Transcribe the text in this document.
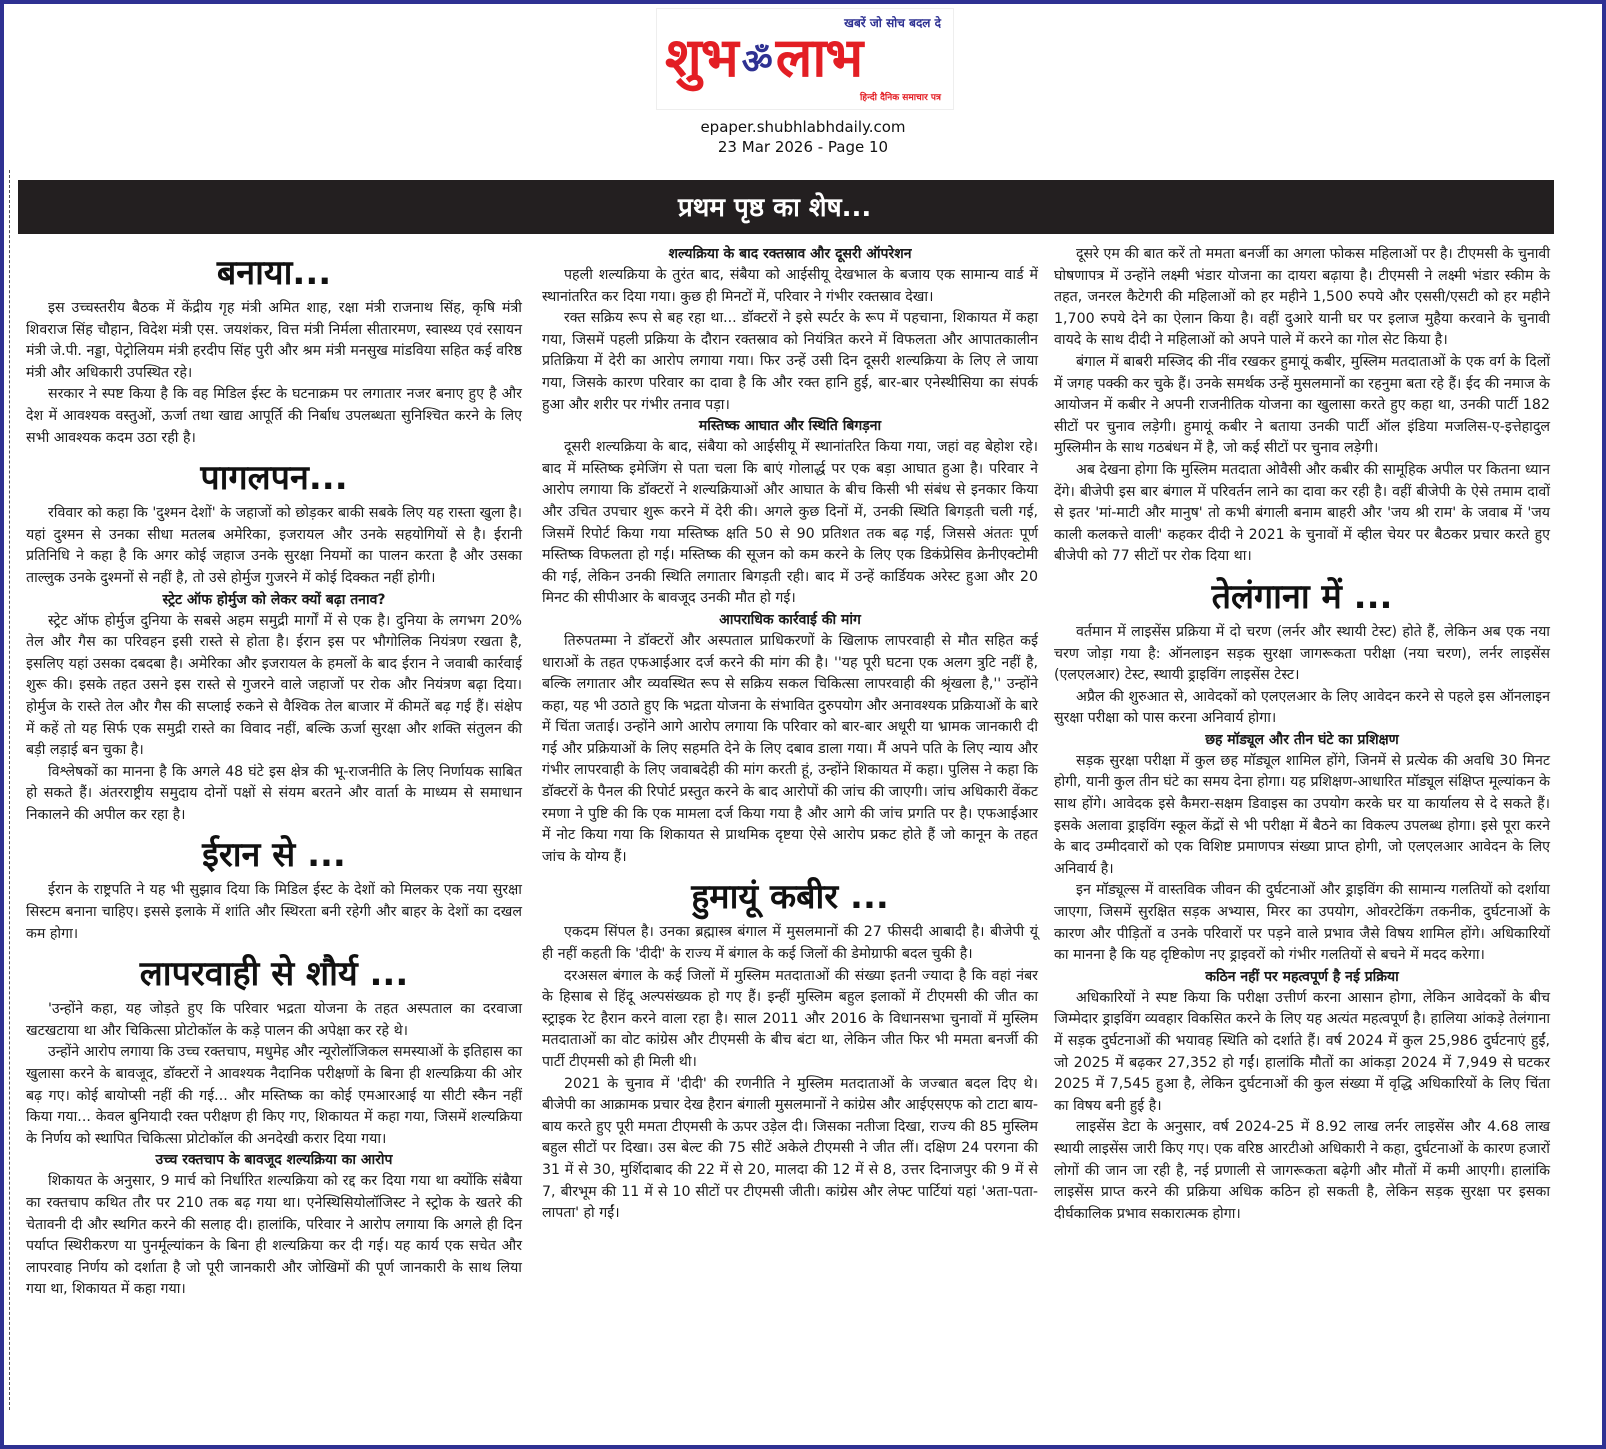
खबरें जो सोच बदल दे
शुभ ॐलाभ
हिन्दी दैनिक समाचार पत्र
epaper.shubhlabhdaily.com
23 Mar 2026 - Page 10
प्रथम पृष्ठ का शेष...
बनाया...

इस उच्चस्तरीय बैठक में केंद्रीय गृह मंत्री अमित शाह, रक्षा मंत्री राजनाथ सिंह, कृषि मंत्री शिवराज सिंह चौहान, विदेश मंत्री एस. जयशंकर, वित्त मंत्री निर्मला सीतारमण, स्वास्थ्य एवं रसायन मंत्री जे.पी. नड्डा, पेट्रोलियम मंत्री हरदीप सिंह पुरी और श्रम मंत्री मनसुख मांडविया सहित कई वरिष्ठ मंत्री और अधिकारी उपस्थित रहे।

सरकार ने स्पष्ट किया है कि वह मिडिल ईस्ट के घटनाक्रम पर लगातार नजर बनाए हुए है और देश में आवश्यक वस्तुओं, ऊर्जा तथा खाद्य आपूर्ति की निर्बाध उपलब्धता सुनिश्चित करने के लिए सभी आवश्यक कदम उठा रही है।

पागलपन...

रविवार को कहा कि 'दुश्मन देशों' के जहाजों को छोड़कर बाकी सबके लिए यह रास्ता खुला है। यहां दुश्मन से उनका सीधा मतलब अमेरिका, इजरायल और उनके सहयोगियों से है। ईरानी प्रतिनिधि ने कहा है कि अगर कोई जहाज उनके सुरक्षा नियमों का पालन करता है और उसका ताल्लुक उनके दुश्मनों से नहीं है, तो उसे होर्मुज गुजरने में कोई दिक्कत नहीं होगी।

स्ट्रेट ऑफ होर्मुज को लेकर क्यों बढ़ा तनाव?

स्ट्रेट ऑफ होर्मुज दुनिया के सबसे अहम समुद्री मार्गों में से एक है। दुनिया के लगभग 20% तेल और गैस का परिवहन इसी रास्ते से होता है। ईरान इस पर भौगोलिक नियंत्रण रखता है, इसलिए यहां उसका दबदबा है। अमेरिका और इजरायल के हमलों के बाद ईरान ने जवाबी कार्रवाई शुरू की। इसके तहत उसने इस रास्ते से गुजरने वाले जहाजों पर रोक और नियंत्रण बढ़ा दिया। होर्मुज के रास्ते तेल और गैस की सप्लाई रुकने से वैश्विक तेल बाजार में कीमतें बढ़ गई हैं। संक्षेप में कहें तो यह सिर्फ एक समुद्री रास्ते का विवाद नहीं, बल्कि ऊर्जा सुरक्षा और शक्ति संतुलन की बड़ी लड़ाई बन चुका है।

विश्लेषकों का मानना है कि अगले 48 घंटे इस क्षेत्र की भू-राजनीति के लिए निर्णायक साबित हो सकते हैं। अंतरराष्ट्रीय समुदाय दोनों पक्षों से संयम बरतने और वार्ता के माध्यम से समाधान निकालने की अपील कर रहा है।

ईरान से ...

ईरान के राष्ट्रपति ने यह भी सुझाव दिया कि मिडिल ईस्ट के देशों को मिलकर एक नया सुरक्षा सिस्टम बनाना चाहिए। इससे इलाके में शांति और स्थिरता बनी रहेगी और बाहर के देशों का दखल कम होगा।

लापरवाही से शौर्य ...

'उन्होंने कहा, यह जोड़ते हुए कि परिवार भद्रता योजना के तहत अस्पताल का दरवाजा खटखटाया था और चिकित्सा प्रोटोकॉल के कड़े पालन की अपेक्षा कर रहे थे।

उन्होंने आरोप लगाया कि उच्च रक्तचाप, मधुमेह और न्यूरोलॉजिकल समस्याओं के इतिहास का खुलासा करने के बावजूद, डॉक्टरों ने आवश्यक नैदानिक परीक्षणों के बिना ही शल्यक्रिया की ओर बढ़ गए। कोई बायोप्सी नहीं की गई... और मस्तिष्क का कोई एमआरआई या सीटी स्कैन नहीं किया गया... केवल बुनियादी रक्त परीक्षण ही किए गए, शिकायत में कहा गया, जिसमें शल्यक्रिया के निर्णय को स्थापित चिकित्सा प्रोटोकॉल की अनदेखी करार दिया गया।

उच्च रक्तचाप के बावजूद शल्यक्रिया का आरोप

शिकायत के अनुसार, 9 मार्च को निर्धारित शल्यक्रिया को रद्द कर दिया गया था क्योंकि संबैया का रक्तचाप कथित तौर पर 210 तक बढ़ गया था। एनेस्थिसियोलॉजिस्ट ने स्ट्रोक के खतरे की चेतावनी दी और स्थगित करने की सलाह दी। हालांकि, परिवार ने आरोप लगाया कि अगले ही दिन पर्याप्त स्थिरीकरण या पुनर्मूल्यांकन के बिना ही शल्यक्रिया कर दी गई। यह कार्य एक सचेत और लापरवाह निर्णय को दर्शाता है जो पूरी जानकारी और जोखिमों की पूर्ण जानकारी के साथ लिया गया था, शिकायत में कहा गया।

शल्यक्रिया के बाद रक्तस्राव और दूसरी ऑपरेशन

पहली शल्यक्रिया के तुरंत बाद, संबैया को आईसीयू देखभाल के बजाय एक सामान्य वार्ड में स्थानांतरित कर दिया गया। कुछ ही मिनटों में, परिवार ने गंभीर रक्तस्राव देखा।

रक्त सक्रिय रूप से बह रहा था... डॉक्टरों ने इसे स्पर्टर के रूप में पहचाना, शिकायत में कहा गया, जिसमें पहली प्रक्रिया के दौरान रक्तस्राव को नियंत्रित करने में विफलता और आपातकालीन प्रतिक्रिया में देरी का आरोप लगाया गया। फिर उन्हें उसी दिन दूसरी शल्यक्रिया के लिए ले जाया गया, जिसके कारण परिवार का दावा है कि और रक्त हानि हुई, बार-बार एनेस्थीसिया का संपर्क हुआ और शरीर पर गंभीर तनाव पड़ा।

मस्तिष्क आघात और स्थिति बिगड़ना

दूसरी शल्यक्रिया के बाद, संबैया को आईसीयू में स्थानांतरित किया गया, जहां वह बेहोश रहे। बाद में मस्तिष्क इमेजिंग से पता चला कि बाएं गोलार्द्ध पर एक बड़ा आघात हुआ है। परिवार ने आरोप लगाया कि डॉक्टरों ने शल्यक्रियाओं और आघात के बीच किसी भी संबंध से इनकार किया और उचित उपचार शुरू करने में देरी की। अगले कुछ दिनों में, उनकी स्थिति बिगड़ती चली गई, जिसमें रिपोर्ट किया गया मस्तिष्क क्षति 50 से 90 प्रतिशत तक बढ़ गई, जिससे अंततः पूर्ण मस्तिष्क विफलता हो गई। मस्तिष्क की सूजन को कम करने के लिए एक डिकंप्रेसिव क्रेनीएक्टोमी की गई, लेकिन उनकी स्थिति लगातार बिगड़ती रही। बाद में उन्हें कार्डियक अरेस्ट हुआ और 20 मिनट की सीपीआर के बावजूद उनकी मौत हो गई।

आपराधिक कार्रवाई की मांग

तिरुपतम्मा ने डॉक्टरों और अस्पताल प्राधिकरणों के खिलाफ लापरवाही से मौत सहित कई धाराओं के तहत एफआईआर दर्ज करने की मांग की है। ''यह पूरी घटना एक अलग त्रुटि नहीं है, बल्कि लगातार और व्यवस्थित रूप से सक्रिय सकल चिकित्सा लापरवाही की श्रृंखला है,'' उन्होंने कहा, यह भी उठाते हुए कि भद्रता योजना के संभावित दुरुपयोग और अनावश्यक प्रक्रियाओं के बारे में चिंता जताई। उन्होंने आगे आरोप लगाया कि परिवार को बार-बार अधूरी या भ्रामक जानकारी दी गई और प्रक्रियाओं के लिए सहमति देने के लिए दबाव डाला गया। मैं अपने पति के लिए न्याय और गंभीर लापरवाही के लिए जवाबदेही की मांग करती हूं, उन्होंने शिकायत में कहा। पुलिस ने कहा कि डॉक्टरों के पैनल की रिपोर्ट प्रस्तुत करने के बाद आरोपों की जांच की जाएगी। जांच अधिकारी वेंकट रमणा ने पुष्टि की कि एक मामला दर्ज किया गया है और आगे की जांच प्रगति पर है। एफआईआर में नोट किया गया कि शिकायत से प्राथमिक दृष्टया ऐसे आरोप प्रकट होते हैं जो कानून के तहत जांच के योग्य हैं।

हुमायूं कबीर ...

एकदम सिंपल है। उनका ब्रह्मास्त्र बंगाल में मुसलमानों की 27 फीसदी आबादी है। बीजेपी यूं ही नहीं कहती कि 'दीदी' के राज्य में बंगाल के कई जिलों की डेमोग्राफी बदल चुकी है।

दरअसल बंगाल के कई जिलों में मुस्लिम मतदाताओं की संख्या इतनी ज्यादा है कि वहां नंबर के हिसाब से हिंदू अल्पसंख्यक हो गए हैं। इन्हीं मुस्लिम बहुल इलाकों में टीएमसी की जीत का स्ट्राइक रेट हैरान करने वाला रहा है। साल 2011 और 2016 के विधानसभा चुनावों में मुस्लिम मतदाताओं का वोट कांग्रेस और टीएमसी के बीच बंटा था, लेकिन जीत फिर भी ममता बनर्जी की पार्टी टीएमसी को ही मिली थी।

2021 के चुनाव में 'दीदी' की रणनीति ने मुस्लिम मतदाताओं के जज्बात बदल दिए थे। बीजेपी का आक्रामक प्रचार देख हैरान बंगाली मुसलमानों ने कांग्रेस और आईएसएफ को टाटा बाय-बाय करते हुए पूरी ममता टीएमसी के ऊपर उड़ेल दी। जिसका नतीजा दिखा, राज्य की 85 मुस्लिम बहुल सीटों पर दिखा। उस बेल्ट की 75 सीटें अकेले टीएमसी ने जीत लीं। दक्षिण 24 परगना की 31 में से 30, मुर्शिदाबाद की 22 में से 20, मालदा की 12 में से 8, उत्तर दिनाजपुर की 9 में से 7, बीरभूम की 11 में से 10 सीटों पर टीएमसी जीती। कांग्रेस और लेफ्ट पार्टियां यहां 'अता-पता-लापता' हो गईं।

दूसरे एम की बात करें तो ममता बनर्जी का अगला फोकस महिलाओं पर है। टीएमसी के चुनावी घोषणापत्र में उन्होंने लक्ष्मी भंडार योजना का दायरा बढ़ाया है। टीएमसी ने लक्ष्मी भंडार स्कीम के तहत, जनरल कैटेगरी की महिलाओं को हर महीने 1,500 रुपये और एससी/एसटी को हर महीने 1,700 रुपये देने का ऐलान किया है। वहीं दुआरे यानी घर पर इलाज मुहैया करवाने के चुनावी वायदे के साथ दीदी ने महिलाओं को अपने पाले में करने का गोल सेट किया है।

बंगाल में बाबरी मस्जिद की नींव रखकर हुमायूं कबीर, मुस्लिम मतदाताओं के एक वर्ग के दिलों में जगह पक्की कर चुके हैं। उनके समर्थक उन्हें मुसलमानों का रहनुमा बता रहे हैं। ईद की नमाज के आयोजन में कबीर ने अपनी राजनीतिक योजना का खुलासा करते हुए कहा था, उनकी पार्टी 182 सीटों पर चुनाव लड़ेगी। हुमायूं कबीर ने बताया उनकी पार्टी ऑल इंडिया मजलिस-ए-इत्तेहादुल मुस्लिमीन के साथ गठबंधन में है, जो कई सीटों पर चुनाव लड़ेगी।

अब देखना होगा कि मुस्लिम मतदाता ओवैसी और कबीर की सामूहिक अपील पर कितना ध्यान देंगे। बीजेपी इस बार बंगाल में परिवर्तन लाने का दावा कर रही है। वहीं बीजेपी के ऐसे तमाम दावों से इतर 'मां-माटी और मानुष' तो कभी बंगाली बनाम बाहरी और 'जय श्री राम' के जवाब में 'जय काली कलकत्ते वाली' कहकर दीदी ने 2021 के चुनावों में व्हील चेयर पर बैठकर प्रचार करते हुए बीजेपी को 77 सीटों पर रोक दिया था।

तेलंगाना में ...

वर्तमान में लाइसेंस प्रक्रिया में दो चरण (लर्नर और स्थायी टेस्ट) होते हैं, लेकिन अब एक नया चरण जोड़ा गया है: ऑनलाइन सड़क सुरक्षा जागरूकता परीक्षा (नया चरण), लर्नर लाइसेंस (एलएलआर) टेस्ट, स्थायी ड्राइविंग लाइसेंस टेस्ट।

अप्रैल की शुरुआत से, आवेदकों को एलएलआर के लिए आवेदन करने से पहले इस ऑनलाइन सुरक्षा परीक्षा को पास करना अनिवार्य होगा।

छह मॉड्यूल और तीन घंटे का प्रशिक्षण

सड़क सुरक्षा परीक्षा में कुल छह मॉड्यूल शामिल होंगे, जिनमें से प्रत्येक की अवधि 30 मिनट होगी, यानी कुल तीन घंटे का समय देना होगा। यह प्रशिक्षण-आधारित मॉड्यूल संक्षिप्त मूल्यांकन के साथ होंगे। आवेदक इसे कैमरा-सक्षम डिवाइस का उपयोग करके घर या कार्यालय से दे सकते हैं। इसके अलावा ड्राइविंग स्कूल केंद्रों से भी परीक्षा में बैठने का विकल्प उपलब्ध होगा। इसे पूरा करने के बाद उम्मीदवारों को एक विशिष्ट प्रमाणपत्र संख्या प्राप्त होगी, जो एलएलआर आवेदन के लिए अनिवार्य है।

इन मॉड्यूल्स में वास्तविक जीवन की दुर्घटनाओं और ड्राइविंग की सामान्य गलतियों को दर्शाया जाएगा, जिसमें सुरक्षित सड़क अभ्यास, मिरर का उपयोग, ओवरटेकिंग तकनीक, दुर्घटनाओं के कारण और पीड़ितों व उनके परिवारों पर पड़ने वाले प्रभाव जैसे विषय शामिल होंगे। अधिकारियों का मानना है कि यह दृष्टिकोण नए ड्राइवरों को गंभीर गलतियों से बचने में मदद करेगा।

कठिन नहीं पर महत्वपूर्ण है नई प्रक्रिया

अधिकारियों ने स्पष्ट किया कि परीक्षा उत्तीर्ण करना आसान होगा, लेकिन आवेदकों के बीच जिम्मेदार ड्राइविंग व्यवहार विकसित करने के लिए यह अत्यंत महत्वपूर्ण है। हालिया आंकड़े तेलंगाना में सड़क दुर्घटनाओं की भयावह स्थिति को दर्शाते हैं। वर्ष 2024 में कुल 25,986 दुर्घटनाएं हुईं, जो 2025 में बढ़कर 27,352 हो गईं। हालांकि मौतों का आंकड़ा 2024 में 7,949 से घटकर 2025 में 7,545 हुआ है, लेकिन दुर्घटनाओं की कुल संख्या में वृद्धि अधिकारियों के लिए चिंता का विषय बनी हुई है।

लाइसेंस डेटा के अनुसार, वर्ष 2024-25 में 8.92 लाख लर्नर लाइसेंस और 4.68 लाख स्थायी लाइसेंस जारी किए गए। एक वरिष्ठ आरटीओ अधिकारी ने कहा, दुर्घटनाओं के कारण हजारों लोगों की जान जा रही है, नई प्रणाली से जागरूकता बढ़ेगी और मौतों में कमी आएगी। हालांकि लाइसेंस प्राप्त करने की प्रक्रिया अधिक कठिन हो सकती है, लेकिन सड़क सुरक्षा पर इसका दीर्घकालिक प्रभाव सकारात्मक होगा।
